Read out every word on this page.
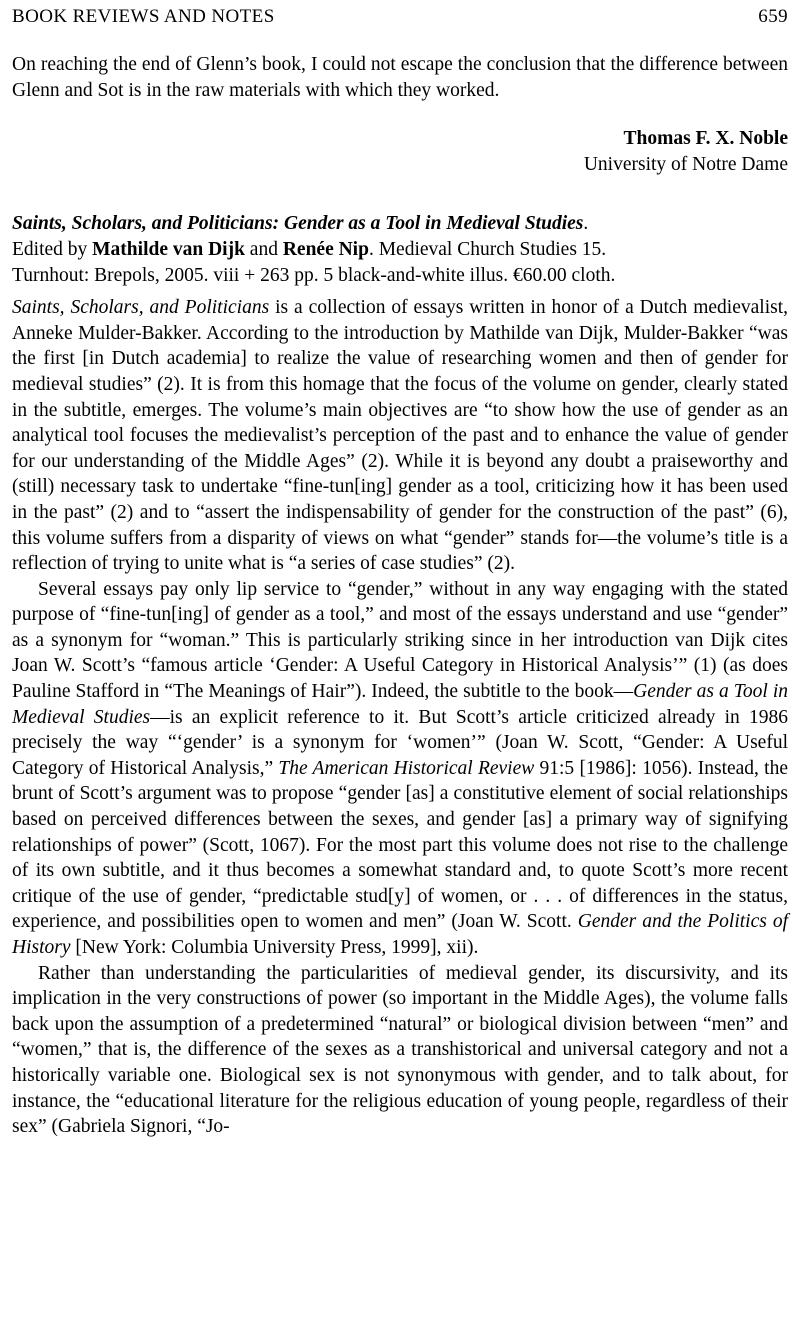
BOOK REVIEWS AND NOTES	659

On reaching the end of Glenn’s book, I could not escape the conclusion that the difference between Glenn and Sot is in the raw materials with which they worked.

Thomas F. X. Noble

University of Notre Dame

Saints, Scholars, and Politicians: Gender as a Tool in Medieval Studies.

Edited by Mathilde van Dijk and Renée Nip. Medieval Church Studies 15.

Turnhout: Brepols, 2005. viii + 263 pp. 5 black-and-white illus. €60.00 cloth.

Saints, Scholars, and Politicians is a collection of essays written in honor of a Dutch medievalist, Anneke Mulder-Bakker. According to the introduction by Mathilde van Dijk, Mulder-Bakker “was the first [in Dutch academia] to realize the value of researching women and then of gender for medieval studies” (2). It is from this homage that the focus of the volume on gender, clearly stated in the subtitle, emerges. The volume’s main objectives are “to show how the use of gender as an analytical tool focuses the medievalist’s perception of the past and to enhance the value of gender for our understanding of the Middle Ages” (2). While it is beyond any doubt a praiseworthy and (still) necessary task to undertake “fine-tun[ing] gender as a tool, criticizing how it has been used in the past” (2) and to “assert the indispensability of gender for the construction of the past” (6), this volume suffers from a disparity of views on what “gender” stands for—the volume’s title is a reflection of trying to unite what is “a series of case studies” (2).

Several essays pay only lip service to “gender,” without in any way engaging with the stated purpose of “fine-tun[ing] of gender as a tool,” and most of the essays understand and use “gender” as a synonym for “woman.” This is particularly striking since in her introduction van Dijk cites Joan W. Scott’s “famous article ‘Gender: A Useful Category in Historical Analysis’” (1) (as does Pauline Stafford in “The Meanings of Hair”). Indeed, the subtitle to the book—Gender as a Tool in Medieval Studies—is an explicit reference to it. But Scott’s article criticized already in 1986 precisely the way “‘gender’ is a synonym for ‘women’” (Joan W. Scott, “Gender: A Useful Category of Historical Analysis,” The American Historical Review 91:5 [1986]: 1056). Instead, the brunt of Scott’s argument was to propose “gender [as] a constitutive element of social relationships based on perceived differences between the sexes, and gender [as] a primary way of signifying relationships of power” (Scott, 1067). For the most part this volume does not rise to the challenge of its own subtitle, and it thus becomes a somewhat standard and, to quote Scott’s more recent critique of the use of gender, “predictable stud[y] of women, or . . . of differences in the status, experience, and possibilities open to women and men” (Joan W. Scott. Gender and the Politics of History [New York: Columbia University Press, 1999], xii).

Rather than understanding the particularities of medieval gender, its discursivity, and its implication in the very constructions of power (so important in the Middle Ages), the volume falls back upon the assumption of a predetermined “natural” or biological division between “men” and “women,” that is, the difference of the sexes as a transhistorical and universal category and not a historically variable one. Biological sex is not synonymous with gender, and to talk about, for instance, the “educational literature for the religious education of young people, regardless of their sex” (Gabriela Signori, “Jo-
